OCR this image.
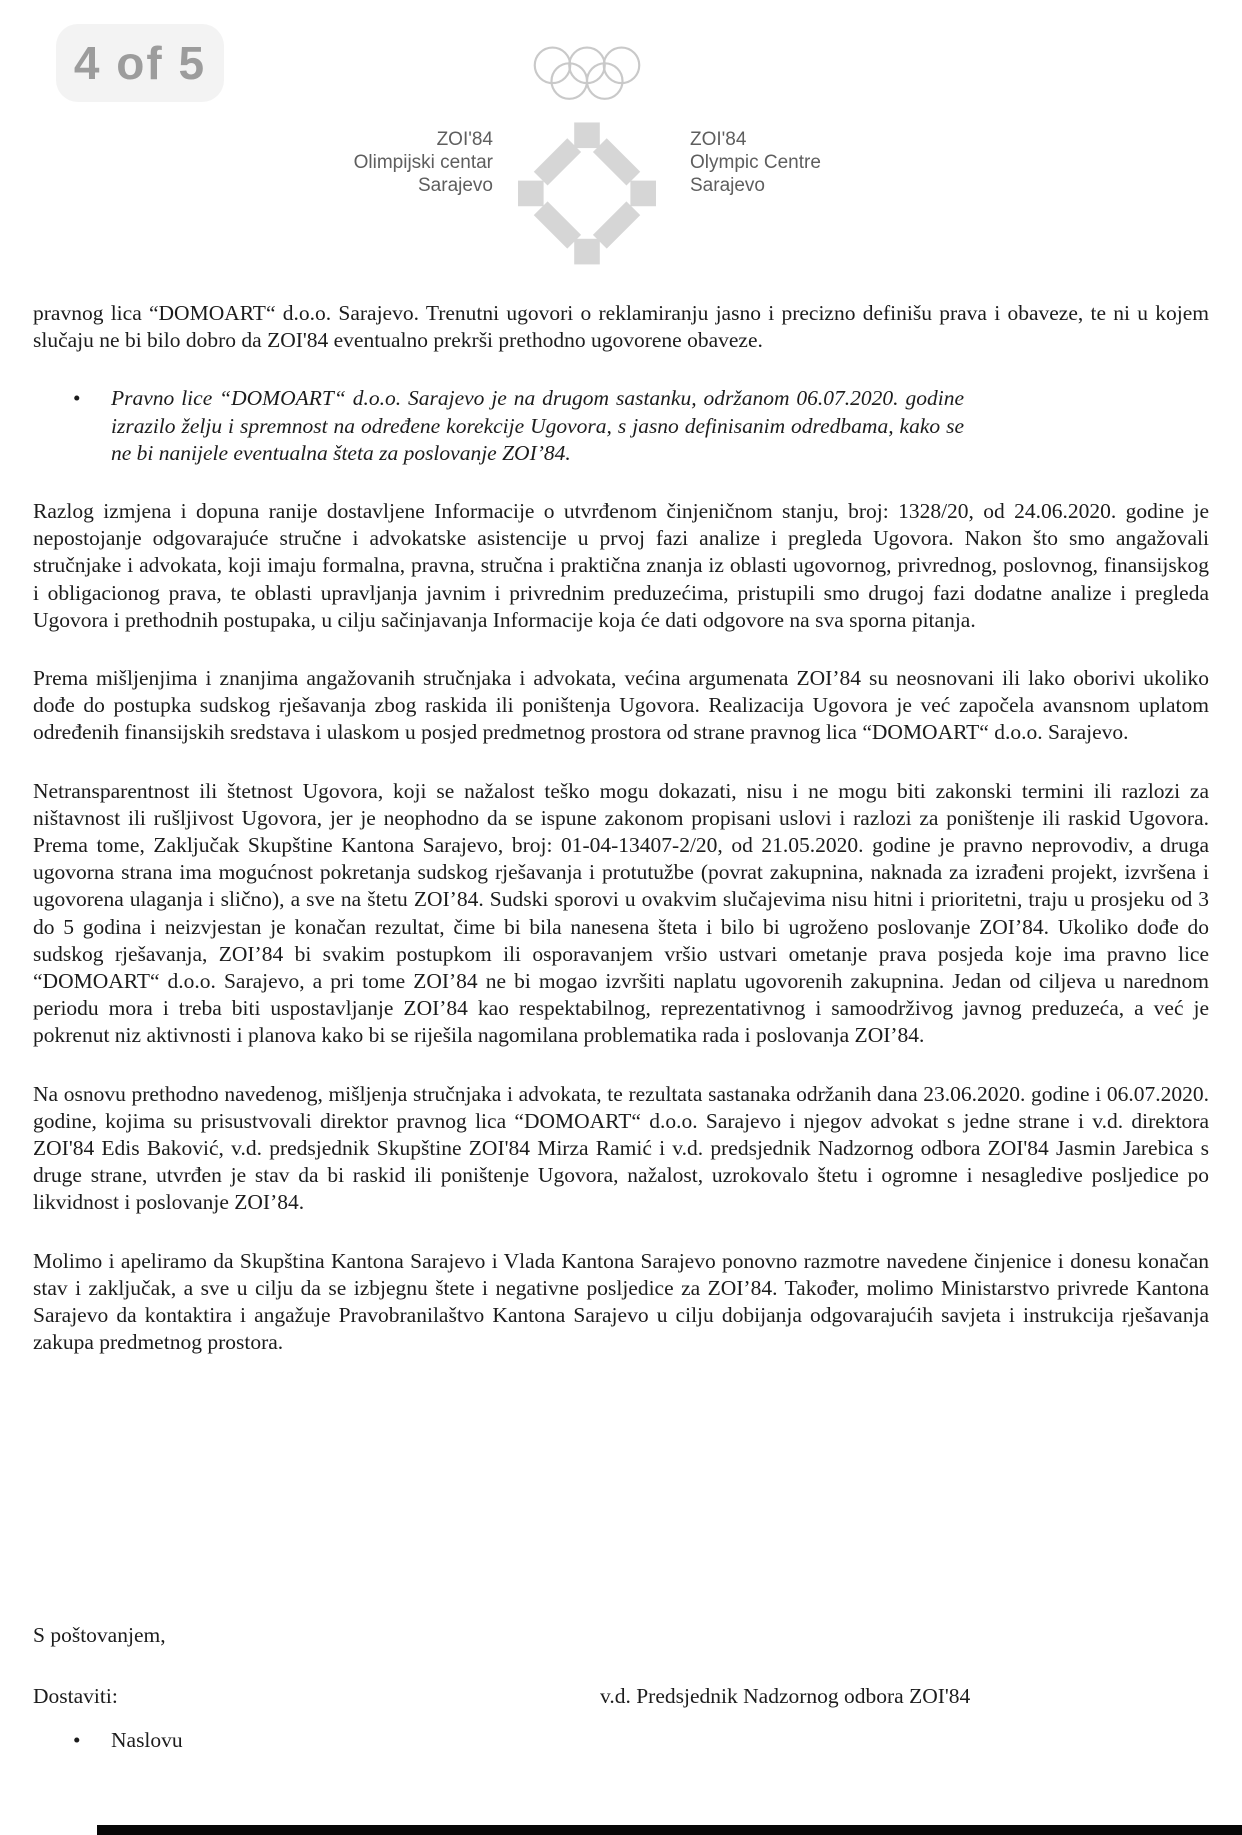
4 of 5
ZOI'84
Olimpijski centar
Sarajevo
ZOI'84
Olympic Centre
Sarajevo

pravnog lica “DOMOART“ d.o.o. Sarajevo. Trenutni ugovori o reklamiranju jasno i precizno definišu prava i obaveze, te ni u kojem slučaju ne bi bilo dobro da ZOI'84 eventualno prekrši prethodno ugovorene obaveze.

•	Pravno lice “DOMOART“ d.o.o. Sarajevo je na drugom sastanku, održanom 06.07.2020. godine izrazilo želju i spremnost na određene korekcije Ugovora, s jasno definisanim odredbama, kako se ne bi nanijele eventualna šteta za poslovanje ZOI’84.

Razlog izmjena i dopuna ranije dostavljene Informacije o utvrđenom činjeničnom stanju, broj: 1328/20, od 24.06.2020. godine je nepostojanje odgovarajuće stručne i advokatske asistencije u prvoj fazi analize i pregleda Ugovora. Nakon što smo angažovali stručnjake i advokata, koji imaju formalna, pravna, stručna i praktična znanja iz oblasti ugovornog, privrednog, poslovnog, finansijskog i obligacionog prava, te oblasti upravljanja javnim i privrednim preduzećima, pristupili smo drugoj fazi dodatne analize i pregleda Ugovora i prethodnih postupaka, u cilju sačinjavanja Informacije koja će dati odgovore na sva sporna pitanja.

Prema mišljenjima i znanjima angažovanih stručnjaka i advokata, većina argumenata ZOI’84 su neosnovani ili lako oborivi ukoliko dođe do postupka sudskog rješavanja zbog raskida ili poništenja Ugovora. Realizacija Ugovora je već započela avansnom uplatom određenih finansijskih sredstava i ulaskom u posjed predmetnog prostora od strane pravnog lica “DOMOART“ d.o.o. Sarajevo.

Netransparentnost ili štetnost Ugovora, koji se nažalost teško mogu dokazati, nisu i ne mogu biti zakonski termini ili razlozi za ništavnost ili rušljivost Ugovora, jer je neophodno da se ispune zakonom propisani uslovi i razlozi za poništenje ili raskid Ugovora. Prema tome, Zaključak Skupštine Kantona Sarajevo, broj: 01-04-13407-2/20, od 21.05.2020. godine je pravno neprovodiv, a druga ugovorna strana ima mogućnost pokretanja sudskog rješavanja i protutužbe (povrat zakupnina, naknada za izrađeni projekt, izvršena i ugovorena ulaganja i slično), a sve na štetu ZOI’84. Sudski sporovi u ovakvim slučajevima nisu hitni i prioritetni, traju u prosjeku od 3 do 5 godina i neizvjestan je konačan rezultat, čime bi bila nanesena šteta i bilo bi ugroženo poslovanje ZOI’84. Ukoliko dođe do sudskog rješavanja, ZOI’84 bi svakim postupkom ili osporavanjem vršio ustvari ometanje prava posjeda koje ima pravno lice “DOMOART“ d.o.o. Sarajevo, a pri tome ZOI’84 ne bi mogao izvršiti naplatu ugovorenih zakupnina. Jedan od ciljeva u narednom periodu mora i treba biti uspostavljanje ZOI’84 kao respektabilnog, reprezentativnog i samoodrživog javnog preduzeća, a već je pokrenut niz aktivnosti i planova kako bi se riješila nagomilana problematika rada i poslovanja ZOI’84.

Na osnovu prethodno navedenog, mišljenja stručnjaka i advokata, te rezultata sastanaka održanih dana 23.06.2020. godine i 06.07.2020. godine, kojima su prisustvovali direktor pravnog lica “DOMOART“ d.o.o. Sarajevo i njegov advokat s jedne strane i v.d. direktora ZOI'84 Edis Baković, v.d. predsjednik Skupštine ZOI'84 Mirza Ramić i v.d. predsjednik Nadzornog odbora ZOI'84 Jasmin Jarebica s druge strane, utvrđen je stav da bi raskid ili poništenje Ugovora, nažalost, uzrokovalo štetu i ogromne i nesagledive posljedice po likvidnost i poslovanje ZOI’84.

Molimo i apeliramo da Skupština Kantona Sarajevo i Vlada Kantona Sarajevo ponovno razmotre navedene činjenice i donesu konačan stav i zaključak, a sve u cilju da se izbjegnu štete i negativne posljedice za ZOI’84. Također, molimo Ministarstvo privrede Kantona Sarajevo da kontaktira i angažuje Pravobranilaštvo Kantona Sarajevo u cilju dobijanja odgovarajućih savjeta i instrukcija rješavanja zakupa predmetnog prostora.

S poštovanjem,
Dostaviti:	v.d. Predsjednik Nadzornog odbora ZOI'84
•	Naslovu
